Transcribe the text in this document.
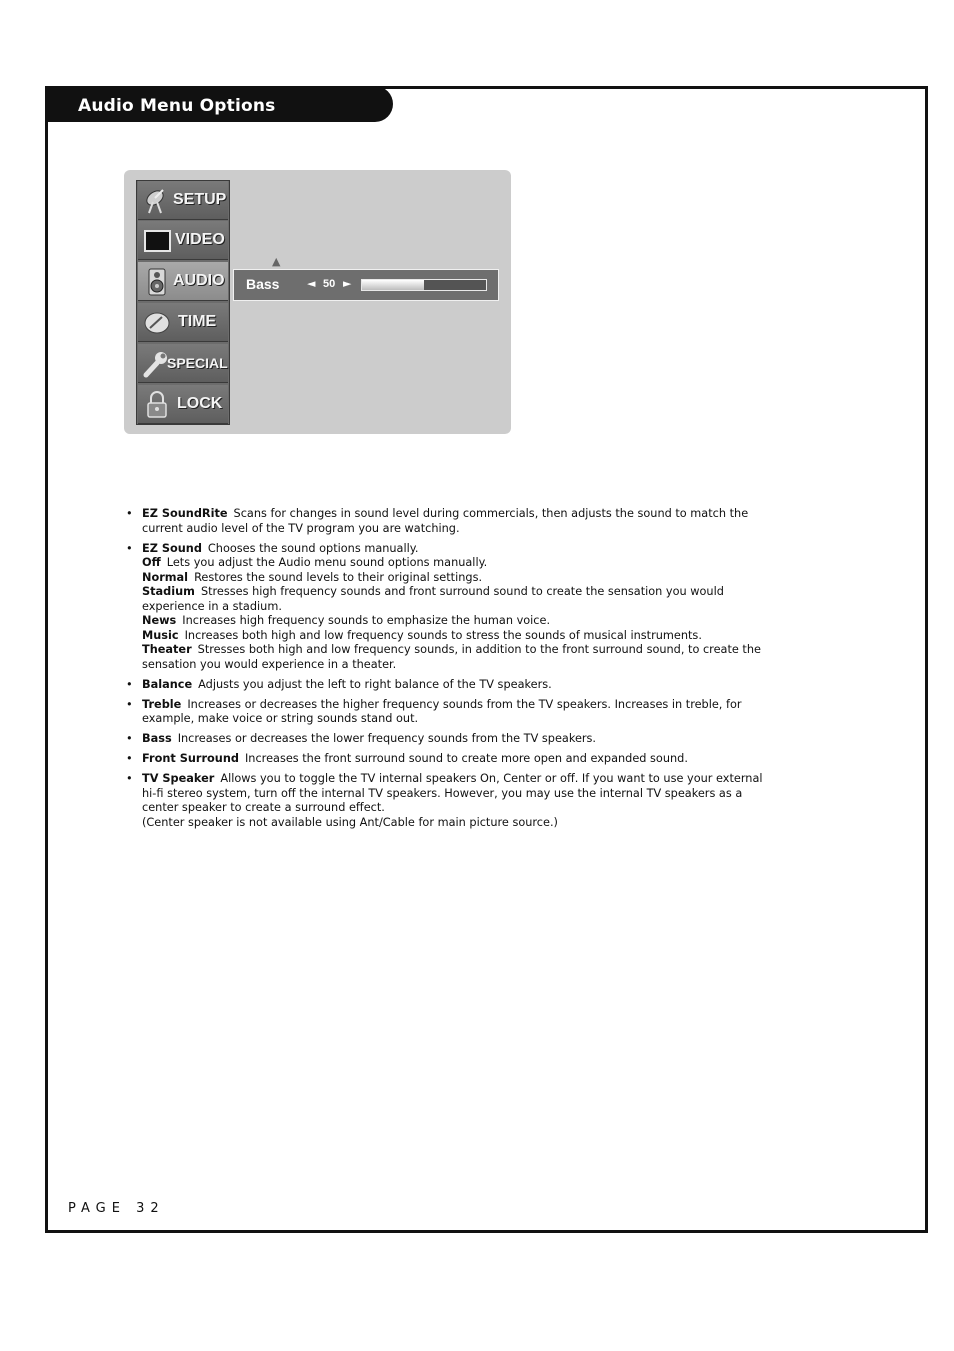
Audio Menu Options
SETUP
VIDEO
AUDIO
TIME
SPECIAL
LOCK
▲
Bass	◄ 50 ►
• EZ SoundRite Scans for changes in sound level during commercials, then adjusts the sound to match the current audio level of the TV program you are watching.
• EZ Sound Chooses the sound options manually.
Off Lets you adjust the Audio menu sound options manually.
Normal Restores the sound levels to their original settings.
Stadium Stresses high frequency sounds and front surround sound to create the sensation you would experience in a stadium.
News Increases high frequency sounds to emphasize the human voice.
Music Increases both high and low frequency sounds to stress the sounds of musical instruments.
Theater Stresses both high and low frequency sounds, in addition to the front surround sound, to create the sensation you would experience in a theater.
• Balance Adjusts you adjust the left to right balance of the TV speakers.
• Treble Increases or decreases the higher frequency sounds from the TV speakers. Increases in treble, for example, make voice or string sounds stand out.
• Bass Increases or decreases the lower frequency sounds from the TV speakers.
• Front Surround Increases the front surround sound to create more open and expanded sound.
• TV Speaker Allows you to toggle the TV internal speakers On, Center or off. If you want to use your external hi-fi stereo system, turn off the internal TV speakers. However, you may use the internal TV speakers as a center speaker to create a surround effect.
(Center speaker is not available using Ant/Cable for main picture source.)
PAGE 32
